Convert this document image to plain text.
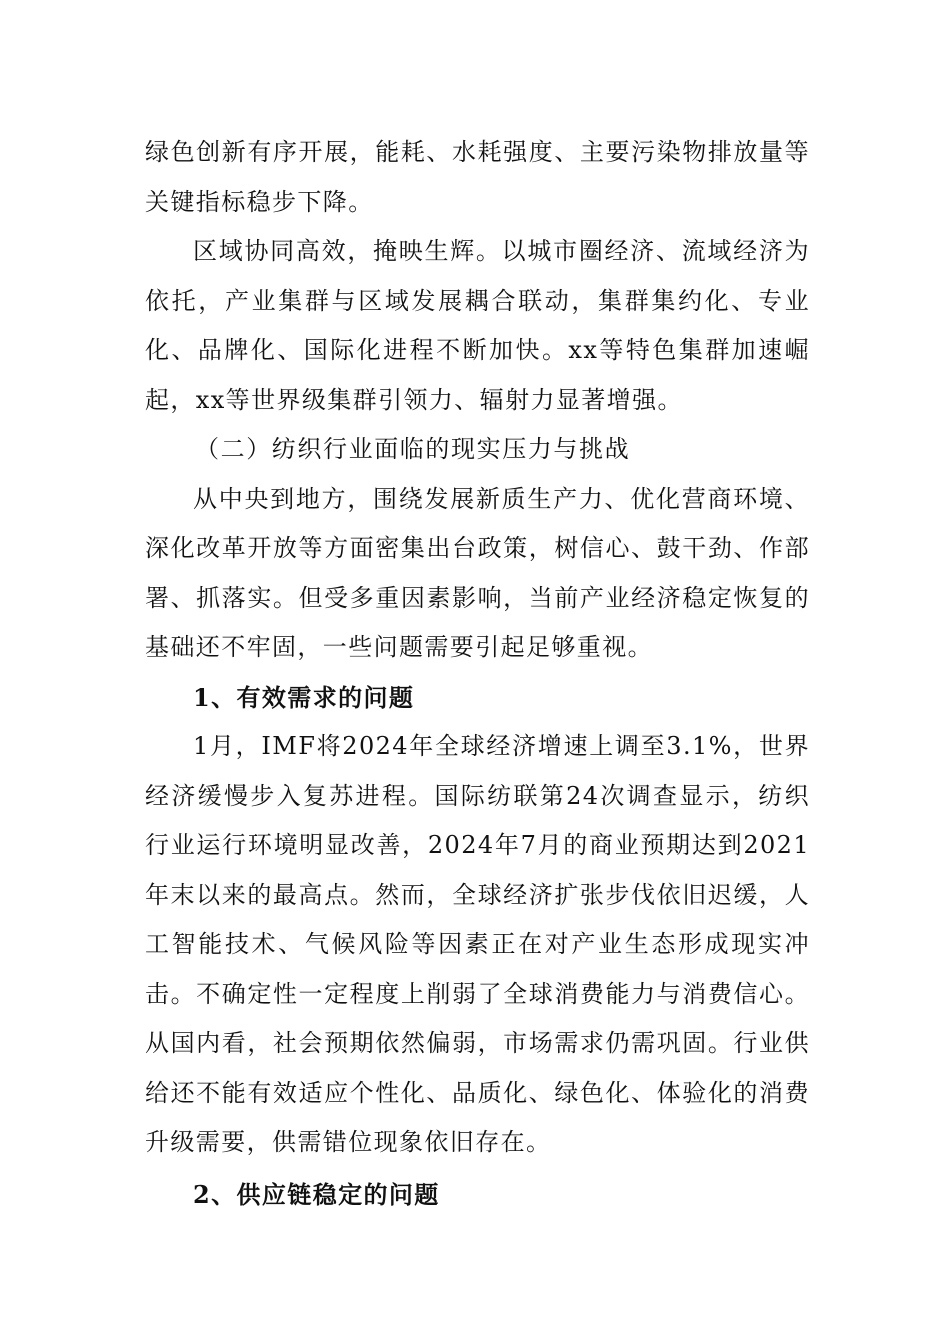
绿色创新有序开展，能耗、水耗强度、主要污染物排放量等关键指标稳步下降。

区域协同高效，掩映生辉。以城市圈经济、流域经济为依托，产业集群与区域发展耦合联动，集群集约化、专业化、品牌化、国际化进程不断加快。xx等特色集群加速崛起，xx等世界级集群引领力、辐射力显著增强。

（二）纺织行业面临的现实压力与挑战

从中央到地方，围绕发展新质生产力、优化营商环境、深化改革开放等方面密集出台政策，树信心、鼓干劲、作部署、抓落实。但受多重因素影响，当前产业经济稳定恢复的基础还不牢固，一些问题需要引起足够重视。

1、有效需求的问题

1月，IMF将2024年全球经济增速上调至3.1%，世界经济缓慢步入复苏进程。国际纺联第24次调查显示，纺织行业运行环境明显改善，2024年7月的商业预期达到2021年末以来的最高点。然而，全球经济扩张步伐依旧迟缓，人工智能技术、气候风险等因素正在对产业生态形成现实冲击。不确定性一定程度上削弱了全球消费能力与消费信心。从国内看，社会预期依然偏弱，市场需求仍需巩固。行业供给还不能有效适应个性化、品质化、绿色化、体验化的消费升级需要，供需错位现象依旧存在。

2、供应链稳定的问题
